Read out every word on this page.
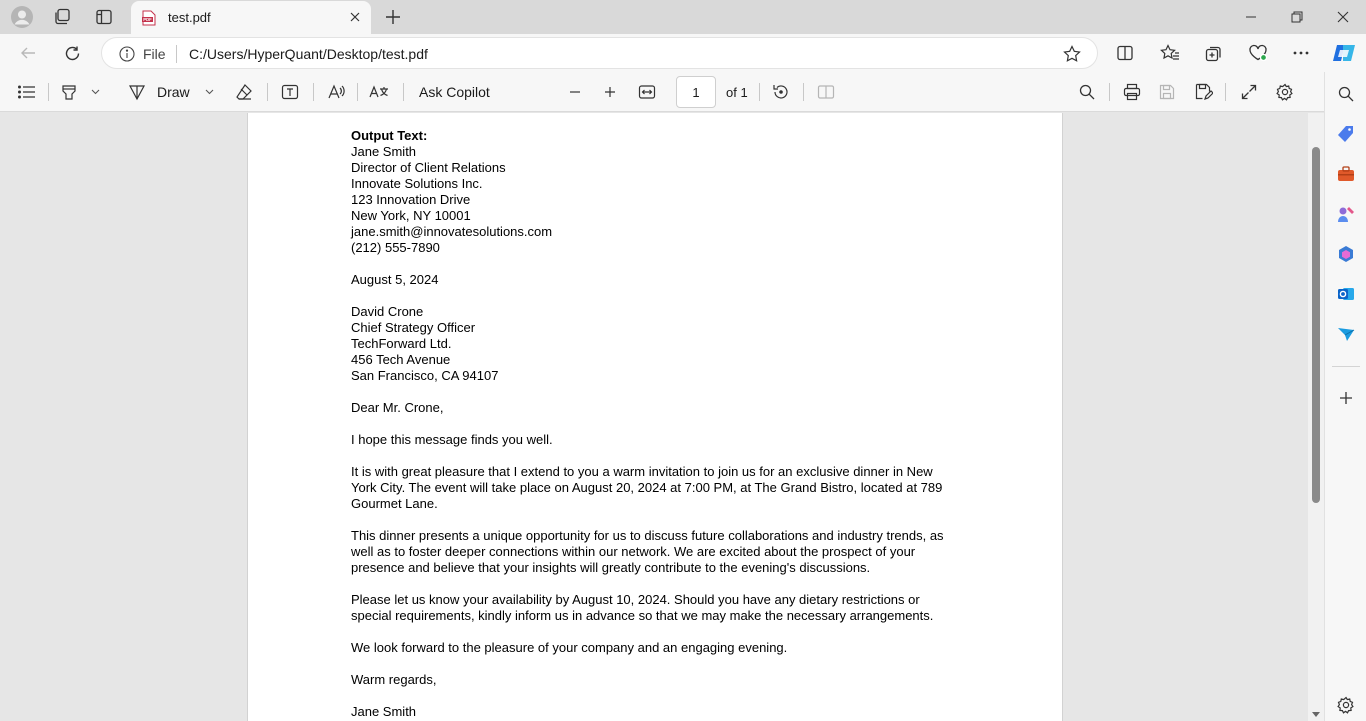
PDF test.pdf
File C:/Users/HyperQuant/Desktop/test.pdf
Draw	Ask Copilot	1	of 1
Output Text:
Jane Smith
Director of Client Relations
Innovate Solutions Inc.
123 Innovation Drive
New York, NY 10001
jane.smith@innovatesolutions.com
(212) 555-7890
August 5, 2024
David Crone
Chief Strategy Officer
TechForward Ltd.
456 Tech Avenue
San Francisco, CA 94107
Dear Mr. Crone,
I hope this message finds you well.
It is with great pleasure that I extend to you a warm invitation to join us for an exclusive dinner in New
York City. The event will take place on August 20, 2024 at 7:00 PM, at The Grand Bistro, located at 789
Gourmet Lane.
This dinner presents a unique opportunity for us to discuss future collaborations and industry trends, as
well as to foster deeper connections within our network. We are excited about the prospect of your
presence and believe that your insights will greatly contribute to the evening's discussions.
Please let us know your availability by August 10, 2024. Should you have any dietary restrictions or
special requirements, kindly inform us in advance so that we may make the necessary arrangements.
We look forward to the pleasure of your company and an engaging evening.
Warm regards,
Jane Smith
